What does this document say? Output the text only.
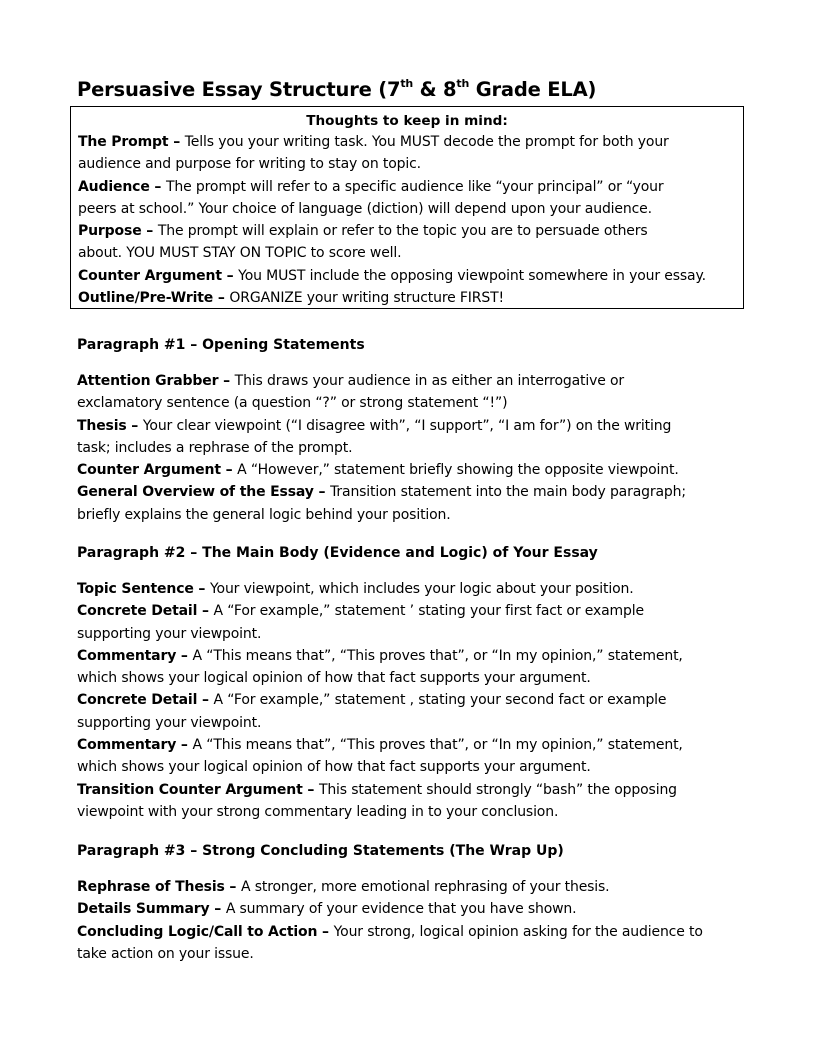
Persuasive Essay Structure (7th & 8th Grade ELA)
Thoughts to keep in mind:
The Prompt – Tells you your writing task. You MUST decode the prompt for both your
audience and purpose for writing to stay on topic.
Audience – The prompt will refer to a specific audience like “your principal” or “your
peers at school.” Your choice of language (diction) will depend upon your audience.
Purpose – The prompt will explain or refer to the topic you are to persuade others
about. YOU MUST STAY ON TOPIC to score well.
Counter Argument – You MUST include the opposing viewpoint somewhere in your essay.
Outline/Pre-Write – ORGANIZE your writing structure FIRST!
Paragraph #1 – Opening Statements
Attention Grabber – This draws your audience in as either an interrogative or
exclamatory sentence (a question “?” or strong statement “!”)
Thesis – Your clear viewpoint (“I disagree with”, “I support”, “I am for”) on the writing
task; includes a rephrase of the prompt.
Counter Argument – A “However,” statement briefly showing the opposite viewpoint.
General Overview of the Essay – Transition statement into the main body paragraph;
briefly explains the general logic behind your position.
Paragraph #2 – The Main Body (Evidence and Logic) of Your Essay
Topic Sentence – Your viewpoint, which includes your logic about your position.
Concrete Detail – A “For example,” statement ’ stating your first fact or example
supporting your viewpoint.
Commentary – A “This means that”, “This proves that”, or “In my opinion,” statement,
which shows your logical opinion of how that fact supports your argument.
Concrete Detail – A “For example,” statement , stating your second fact or example
supporting your viewpoint.
Commentary – A “This means that”, “This proves that”, or “In my opinion,” statement,
which shows your logical opinion of how that fact supports your argument.
Transition Counter Argument – This statement should strongly “bash” the opposing
viewpoint with your strong commentary leading in to your conclusion.
Paragraph #3 – Strong Concluding Statements (The Wrap Up)
Rephrase of Thesis – A stronger, more emotional rephrasing of your thesis.
Details Summary – A summary of your evidence that you have shown.
Concluding Logic/Call to Action – Your strong, logical opinion asking for the audience to
take action on your issue.
